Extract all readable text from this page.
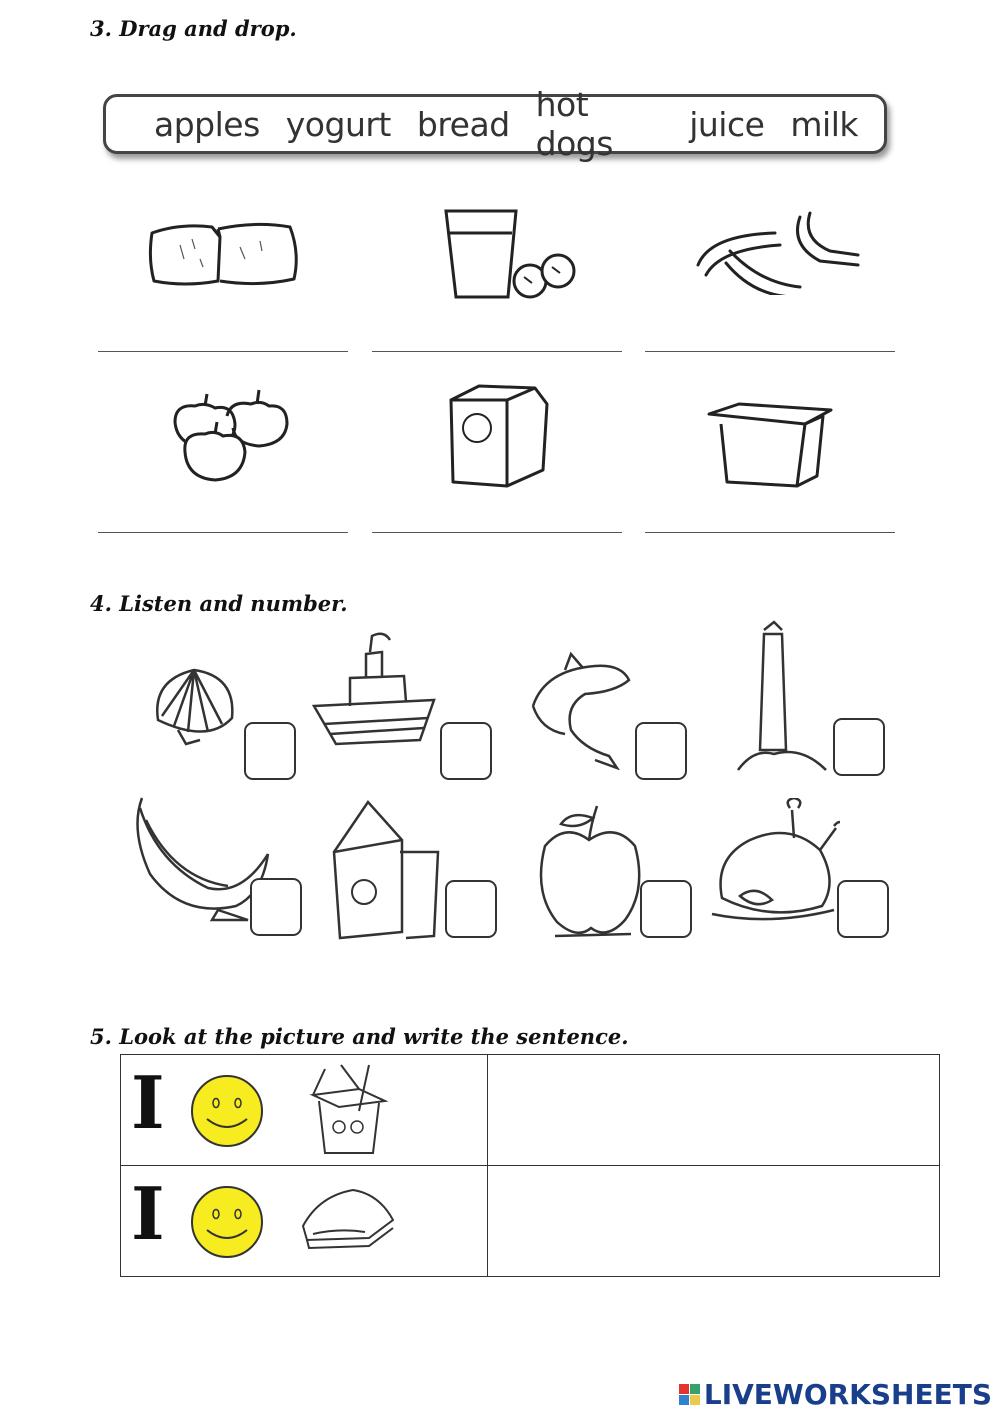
3. Drag and drop.
apples yogurt bread hot dogs	juice milk
4. Listen and number.
5. Look at the picture and write the sentence.
I	

I	

LIVEWORKSHEETS
